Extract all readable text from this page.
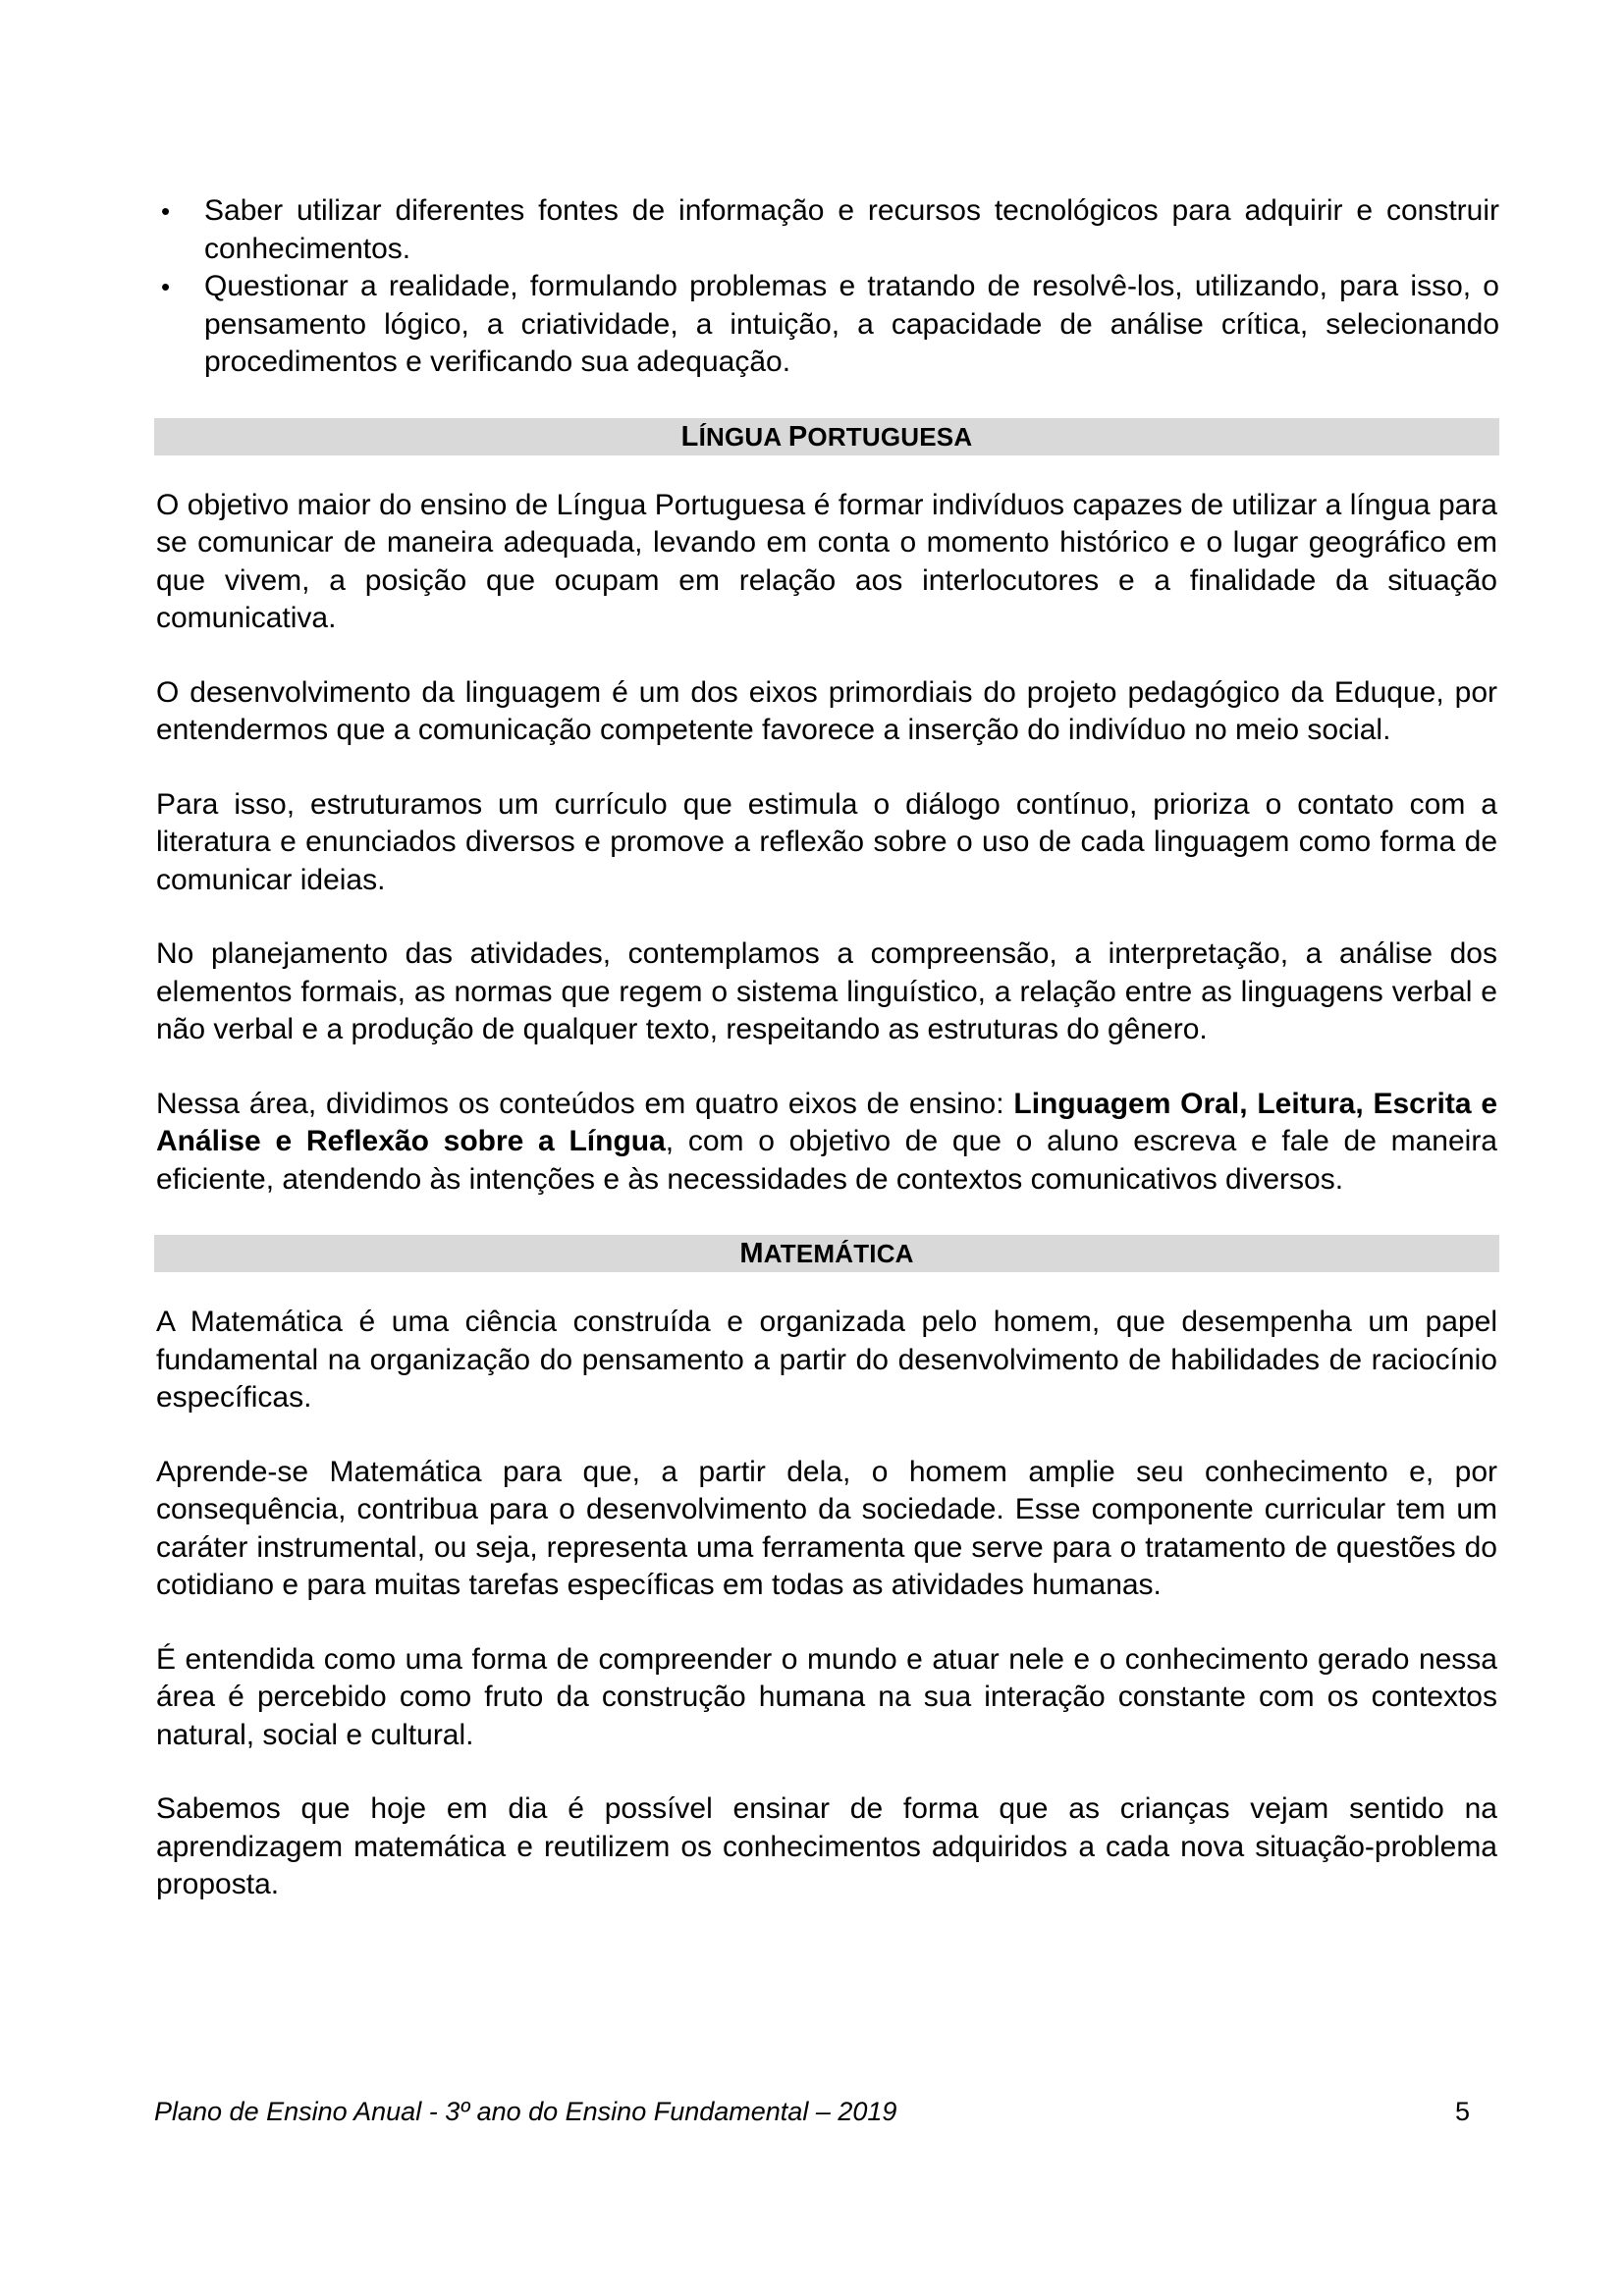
• Saber utilizar diferentes fontes de informação e recursos tecnológicos para adquirir e construir conhecimentos.
• Questionar a realidade, formulando problemas e tratando de resolvê-los, utilizando, para isso, o pensamento lógico, a criatividade, a intuição, a capacidade de análise crítica, selecionando procedimentos e verificando sua adequação.
LÍNGUA PORTUGUESA

O objetivo maior do ensino de Língua Portuguesa é formar indivíduos capazes de utilizar a língua para se comunicar de maneira adequada, levando em conta o momento histórico e o lugar geográfico em que vivem, a posição que ocupam em relação aos interlocutores e a finalidade da situação comunicativa.

O desenvolvimento da linguagem é um dos eixos primordiais do projeto pedagógico da Eduque, por entendermos que a comunicação competente favorece a inserção do indivíduo no meio social.

Para isso, estruturamos um currículo que estimula o diálogo contínuo, prioriza o contato com a literatura e enunciados diversos e promove a reflexão sobre o uso de cada linguagem como forma de comunicar ideias.

No planejamento das atividades, contemplamos a compreensão, a interpretação, a análise dos elementos formais, as normas que regem o sistema linguístico, a relação entre as linguagens verbal e não verbal e a produção de qualquer texto, respeitando as estruturas do gênero.

Nessa área, dividimos os conteúdos em quatro eixos de ensino: Linguagem Oral, Leitura, Escrita e Análise e Reflexão sobre a Língua, com o objetivo de que o aluno escreva e fale de maneira eficiente, atendendo às intenções e às necessidades de contextos comunicativos diversos.

MATEMÁTICA

A Matemática é uma ciência construída e organizada pelo homem, que desempenha um papel fundamental na organização do pensamento a partir do desenvolvimento de habilidades de raciocínio específicas.

Aprende-se Matemática para que, a partir dela, o homem amplie seu conhecimento e, por consequência, contribua para o desenvolvimento da sociedade. Esse componente curricular tem um caráter instrumental, ou seja, representa uma ferramenta que serve para o tratamento de questões do cotidiano e para muitas tarefas específicas em todas as atividades humanas.

É entendida como uma forma de compreender o mundo e atuar nele e o conhecimento gerado nessa área é percebido como fruto da construção humana na sua interação constante com os contextos natural, social e cultural.

Sabemos que hoje em dia é possível ensinar de forma que as crianças vejam sentido na aprendizagem matemática e reutilizem os conhecimentos adquiridos a cada nova situação-problema proposta.

Plano de Ensino Anual - 3º ano do Ensino Fundamental – 2019	5
